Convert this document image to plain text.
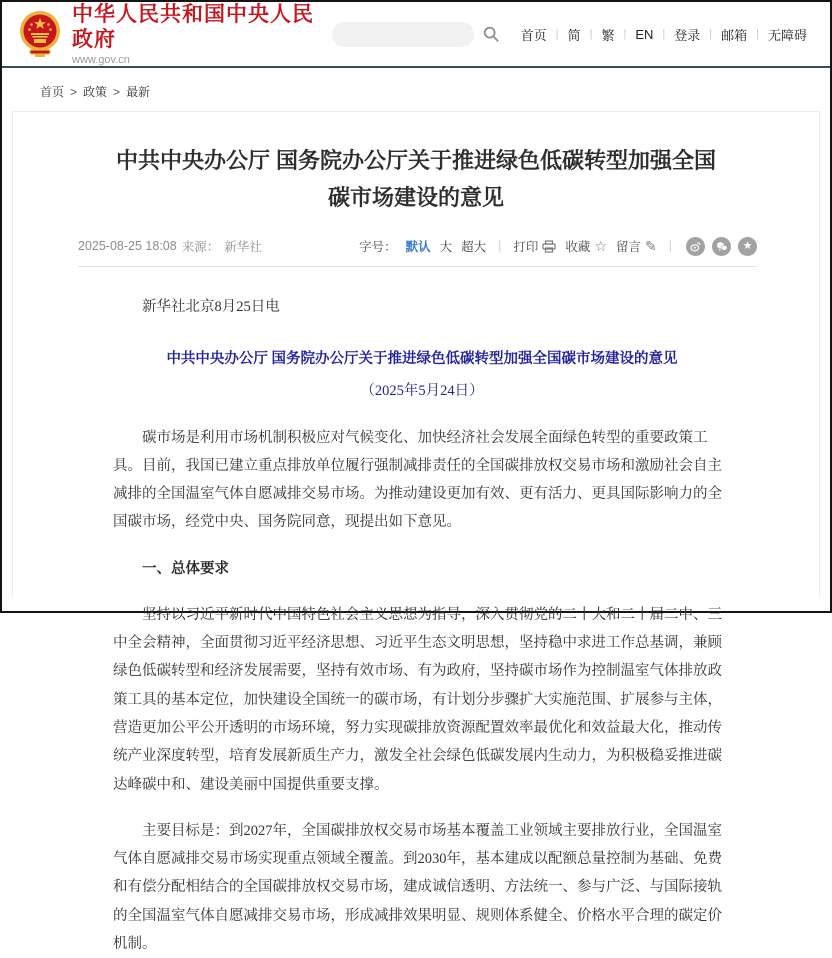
中华人民共和国中央人民政府
www.gov.cn
首页 | 简 | 繁 | EN | 登录 | 邮箱 | 无障碍
首页 > 政策 > 最新
中共中央办公厅 国务院办公厅关于推进绿色低碳转型加强全国碳市场建设的意见
2025-08-25 18:08 来源： 新华社	字号： 默认 大 超大 | 打印 收藏 ☆ 留言 ✎ |	★

新华社北京8月25日电

中共中央办公厅 国务院办公厅关于推进绿色低碳转型加强全国碳市场建设的意见

（2025年5月24日）

碳市场是利用市场机制积极应对气候变化、加快经济社会发展全面绿色转型的重要政策工具。目前，我国已建立重点排放单位履行强制减排责任的全国碳排放权交易市场和激励社会自主减排的全国温室气体自愿减排交易市场。为推动建设更加有效、更有活力、更具国际影响力的全国碳市场，经党中央、国务院同意，现提出如下意见。

一、总体要求

坚持以习近平新时代中国特色社会主义思想为指导，深入贯彻党的二十大和二十届二中、三中全会精神，全面贯彻习近平经济思想、习近平生态文明思想，坚持稳中求进工作总基调，兼顾绿色低碳转型和经济发展需要，坚持有效市场、有为政府，坚持碳市场作为控制温室气体排放政策工具的基本定位，加快建设全国统一的碳市场，有计划分步骤扩大实施范围、扩展参与主体，营造更加公平公开透明的市场环境，努力实现碳排放资源配置效率最优化和效益最大化，推动传统产业深度转型，培育发展新质生产力，激发全社会绿色低碳发展内生动力，为积极稳妥推进碳达峰碳中和、建设美丽中国提供重要支撑。

主要目标是：到2027年，全国碳排放权交易市场基本覆盖工业领域主要排放行业，全国温室气体自愿减排交易市场实现重点领域全覆盖。到2030年，基本建成以配额总量控制为基础、免费和有偿分配相结合的全国碳排放权交易市场，建成诚信透明、方法统一、参与广泛、与国际接轨的全国温室气体自愿减排交易市场，形成减排效果明显、规则体系健全、价格水平合理的碳定价机制。
